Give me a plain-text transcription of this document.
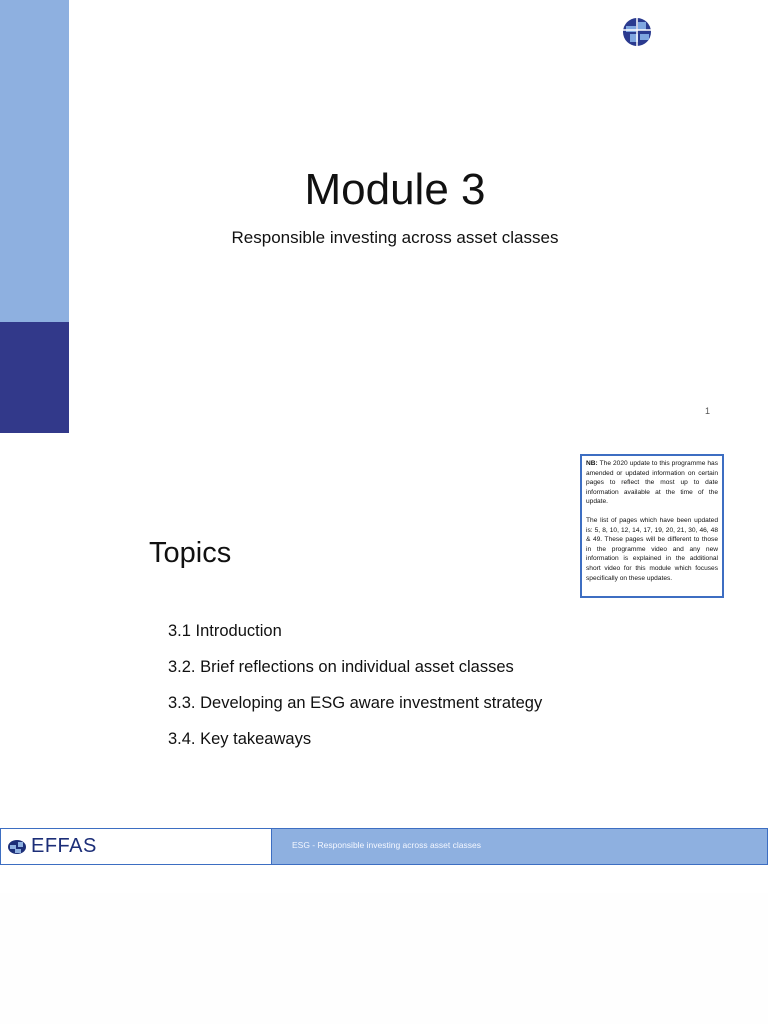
Module 3

Responsible investing across asset classes

1

NB: The 2020 update to this programme has amended or updated information on certain pages to reflect the most up to date information available at the time of the update.

The list of pages which have been updated is: 5, 8, 10, 12, 14, 17, 19, 20, 21, 30, 46, 48 & 49. These pages will be different to those in the programme video and any new information is explained in the additional short video for this module which focuses specifically on these updates.

Topics
3.1 Introduction
3.2. Brief reflections on individual asset classes
3.3. Developing an ESG aware investment strategy
3.4. Key takeaways
EFFAS	ESG - Responsible investing across asset classes
